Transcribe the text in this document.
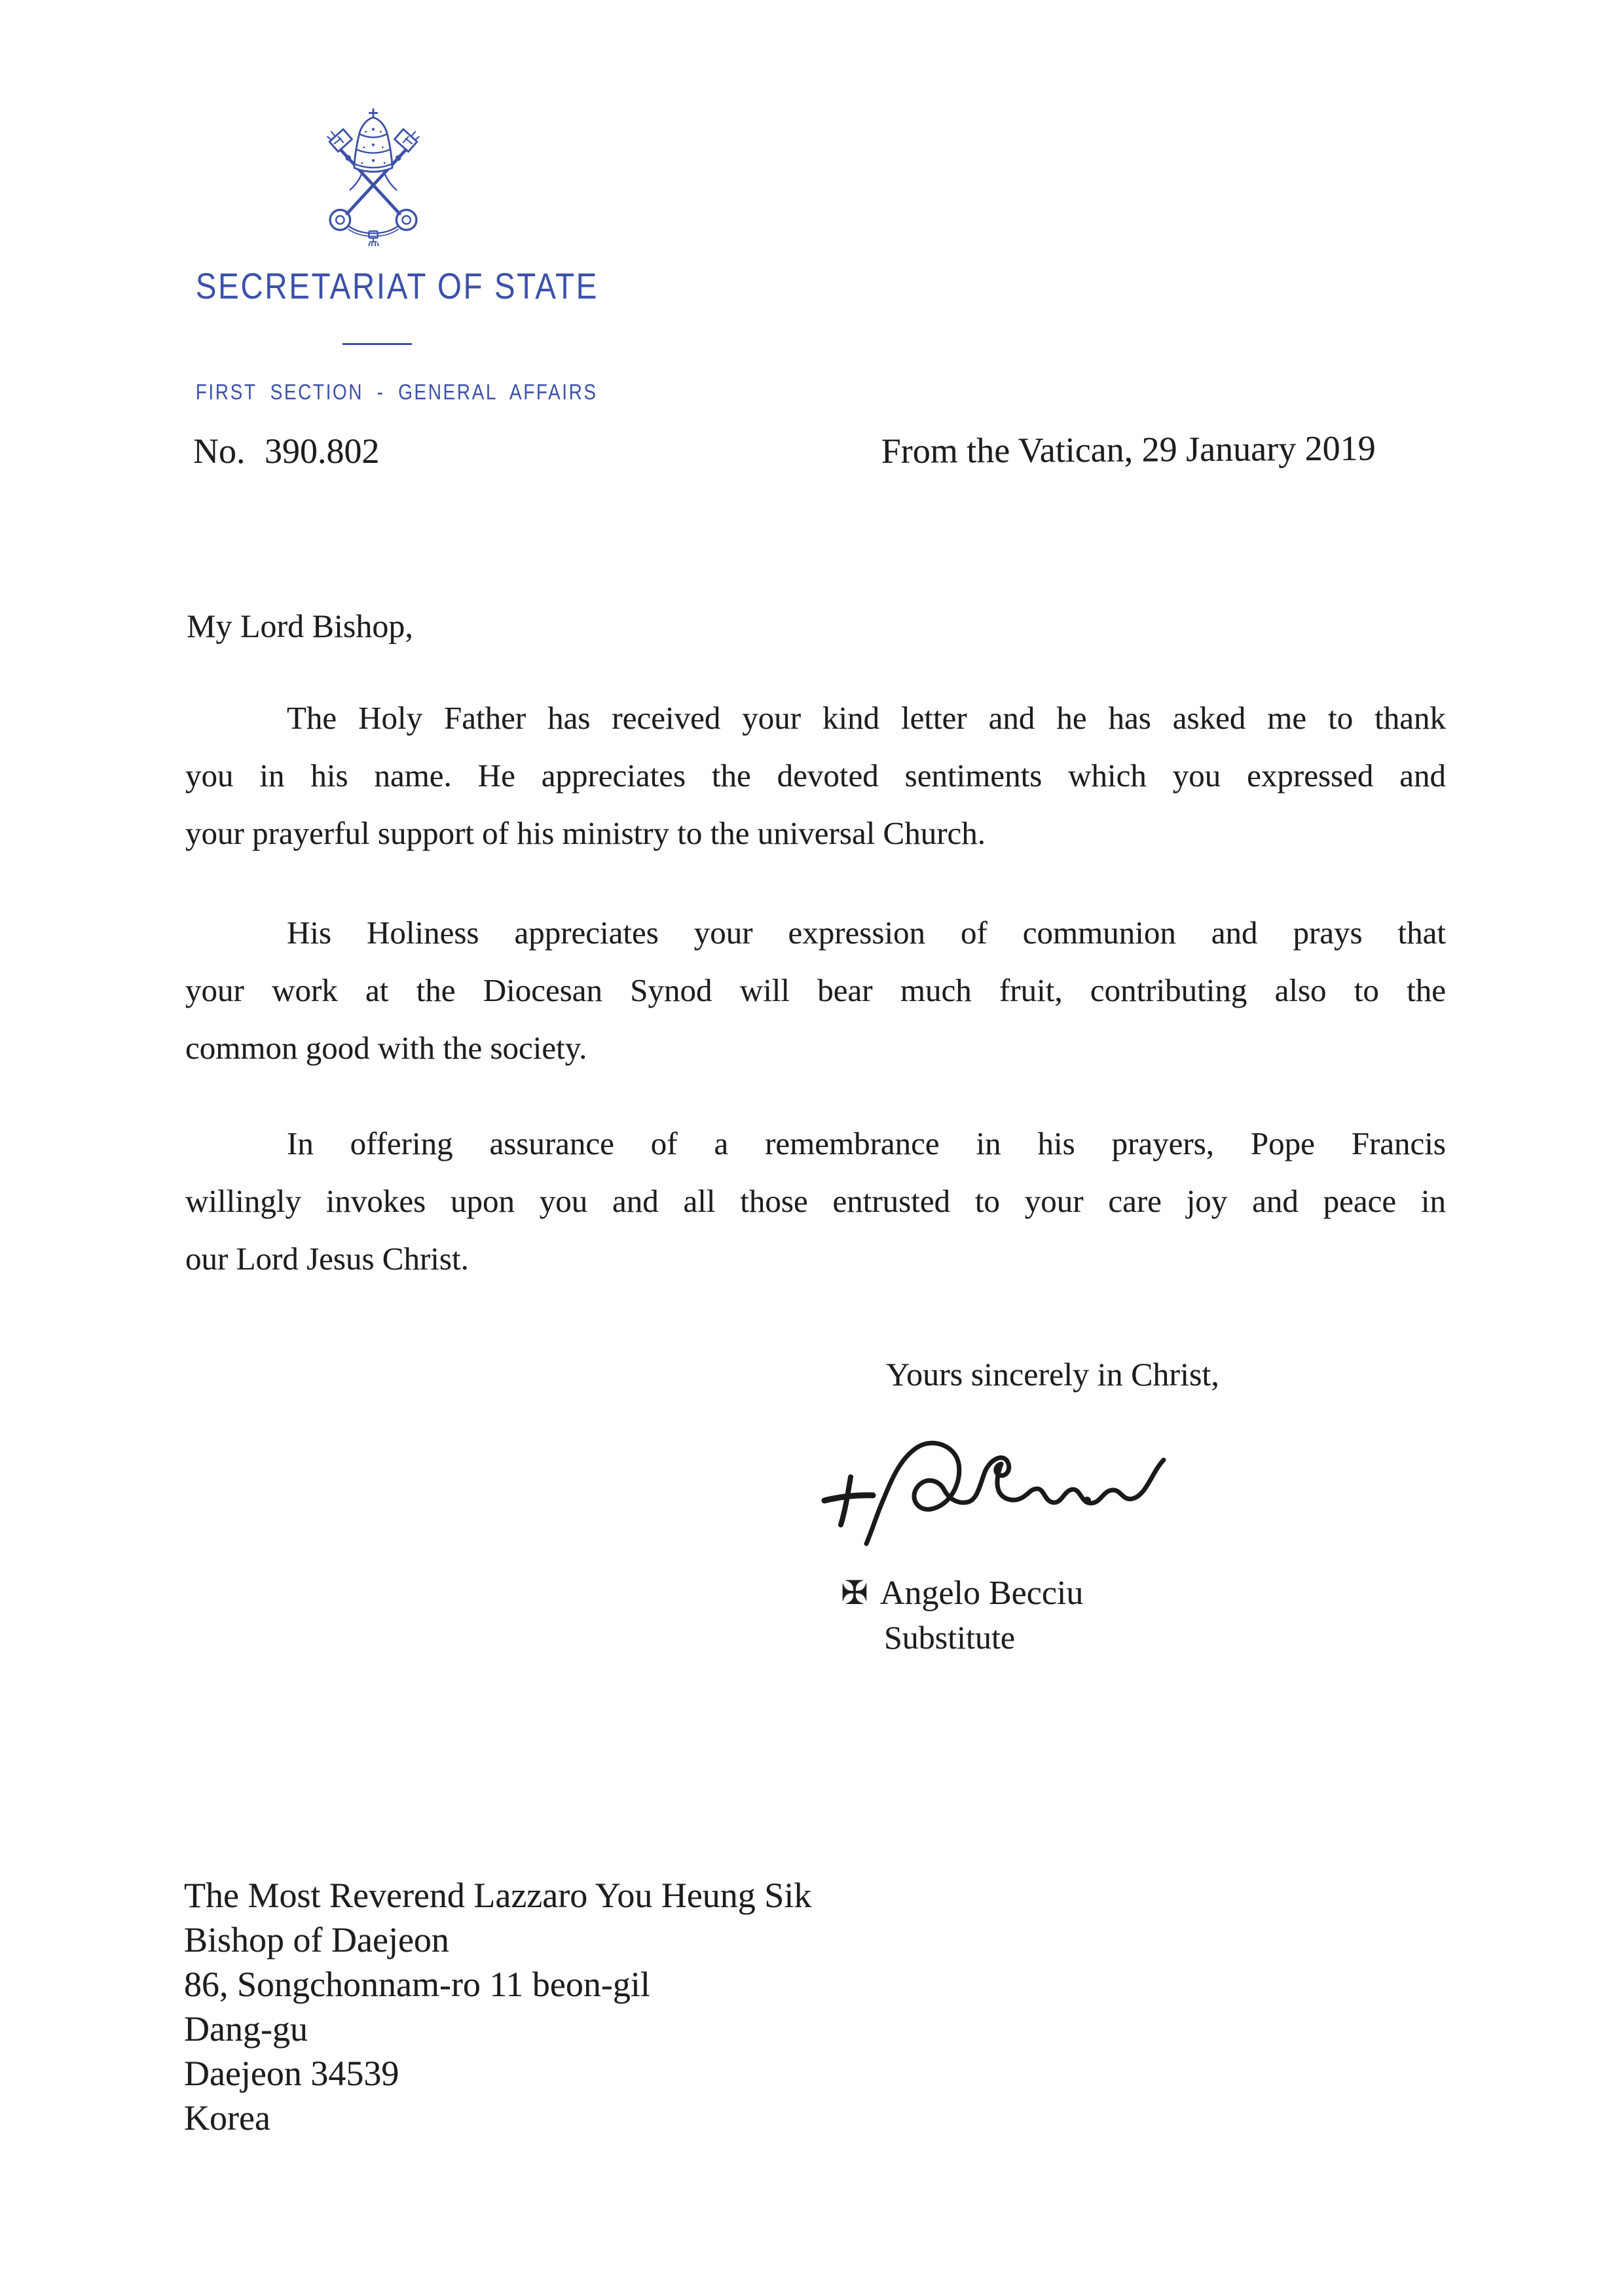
SECRETARIAT OF STATE
FIRST SECTION - GENERAL AFFAIRS
No. 390.802	From the Vatican, 29 January 2019
My Lord Bishop,
The Holy Father has received your kind letter and he has asked me to thank
you in his name. He appreciates the devoted sentiments which you expressed and
your prayerful support of his ministry to the universal Church.
His Holiness appreciates your expression of communion and prays that
your work at the Diocesan Synod will bear much fruit, contributing also to the
common good with the society.
In offering assurance of a remembrance in his prayers, Pope Francis
willingly invokes upon you and all those entrusted to your care joy and peace in
our Lord Jesus Christ.
Yours sincerely in Christ,
✠ Angelo Becciu
Substitute
The Most Reverend Lazzaro You Heung Sik
Bishop of Daejeon
86, Songchonnam-ro 11 beon-gil
Dang-gu
Daejeon 34539
Korea
